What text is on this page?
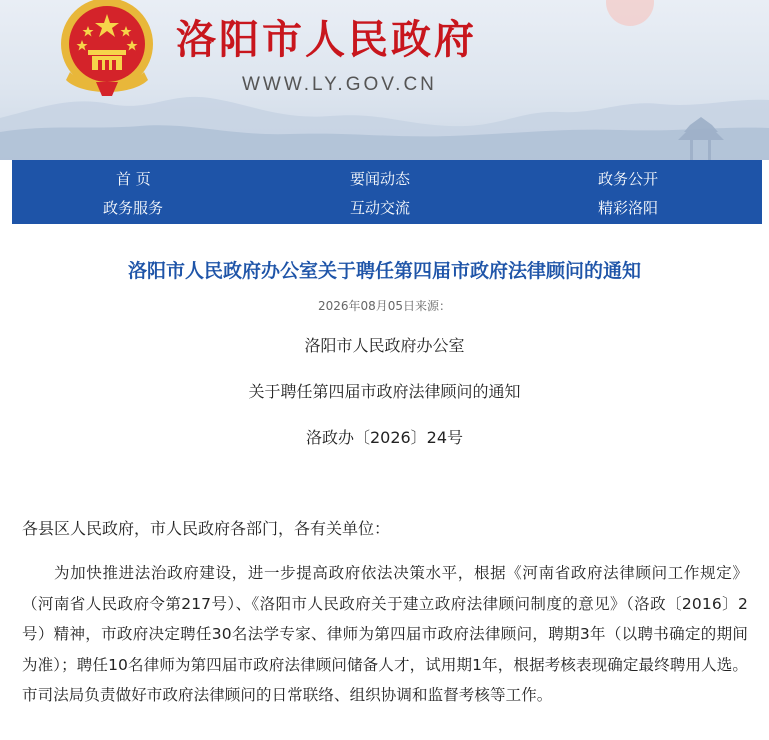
洛阳市人民政府
WWW.LY.GOV.CN
首 页	要闻动态	政务公开
政务服务	互动交流	精彩洛阳
洛阳市人民政府办公室关于聘任第四届市政府法律顾问的通知
2026年08月05日来源：
洛阳市人民政府办公室
关于聘任第四届市政府法律顾问的通知
洛政办〔2026〕24号
各县区人民政府，市人民政府各部门，各有关单位：

为加快推进法治政府建设，进一步提高政府依法决策水平，根据《河南省政府法律顾问工作规定》（河南省人民政府令第217号）、《洛阳市人民政府关于建立政府法律顾问制度的意见》（洛政〔2016〕2号）精神，市政府决定聘任30名法学专家、律师为第四届市政府法律顾问，聘期3年（以聘书确定的期间为准）；聘任10名律师为第四届市政府法律顾问储备人才，试用期1年，根据考核表现确定最终聘用人选。市司法局负责做好市政府法律顾问的日常联络、组织协调和监督考核等工作。
